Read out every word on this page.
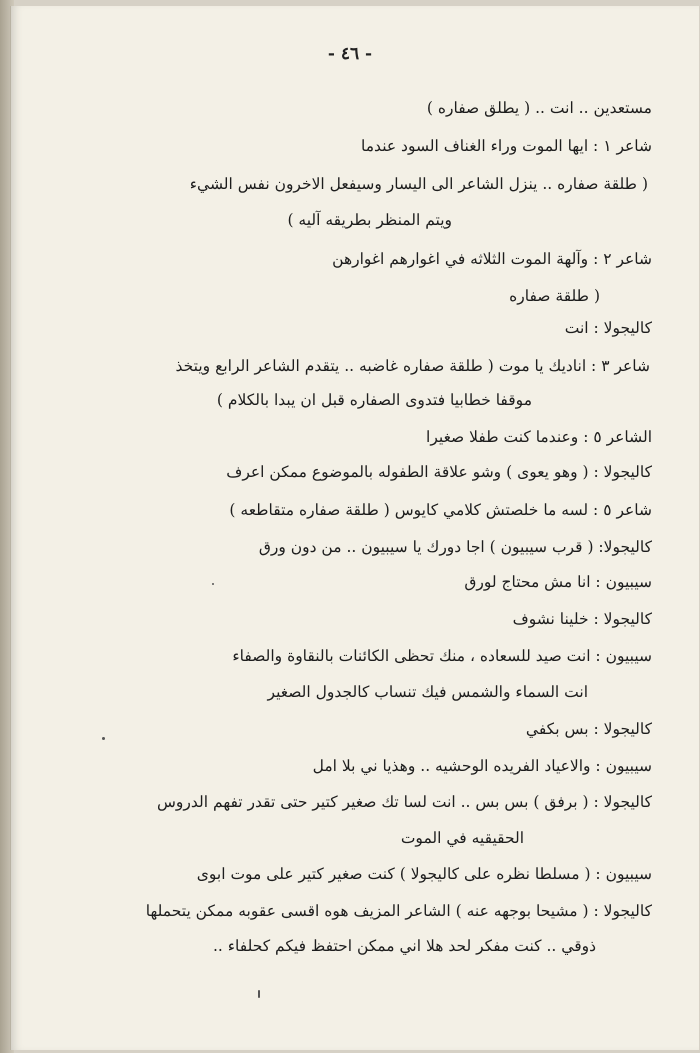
- ٤٦ -
مستعدين .. انت .. ( يطلق صفاره )
شاعر ١ : ايها الموت وراء الغناف السود عندما
( طلقة صفاره .. ينزل الشاعر الى اليسار وسيفعل الاخرون نفس الشيء
ويتم المنظر بطريقه آليه )
شاعر ٢ : وآلهة الموت الثلاثه في اغوارهم اغوارهن
( طلقة صفاره
كاليجولا : انت
شاعر ٣ : اناديك يا موت ( طلقة صفاره غاضبه .. يتقدم الشاعر الرابع ويتخذ
موقفا خطابيا فتدوى الصفاره قبل ان يبدا بالكلام )
الشاعر ٥ : وعندما كنت طفلا صغيرا
كاليجولا : ( وهو يعوى ) وشو علاقة الطفوله بالموضوع ممكن اعرف
شاعر ٥ : لسه ما خلصتش كلامي كايوس ( طلقة صفاره متقاطعه )
كاليجولا: ( قرب سيبيون ) اجا دورك يا سيبيون .. من دون ورق
سيبيون : انا مش محتاج لورق
كاليجولا : خلينا نشوف
سيبيون : انت صيد للسعاده ، منك تحظى الكائنات بالنقاوة والصفاء
انت السماء والشمس فيك تنساب كالجدول الصغير
كاليجولا : بس بكفي
سيبيون : والاعياد الفريده الوحشيه .. وهذيا ني بلا امل
كاليجولا : ( برفق ) بس بس .. انت لسا تك صغير كتير حتى تقدر تفهم الدروس
الحقيقيه في الموت
سيبيون : ( مسلطا نظره على كاليجولا ) كنت صغير كتير على موت ابوى
كاليجولا : ( مشيحا بوجهه عنه ) الشاعر المزيف هوه اقسى عقوبه ممكن يتحملها
ذوقي .. كنت مفكر لحد هلا اني ممكن احتفظ فيكم كحلفاء ..
